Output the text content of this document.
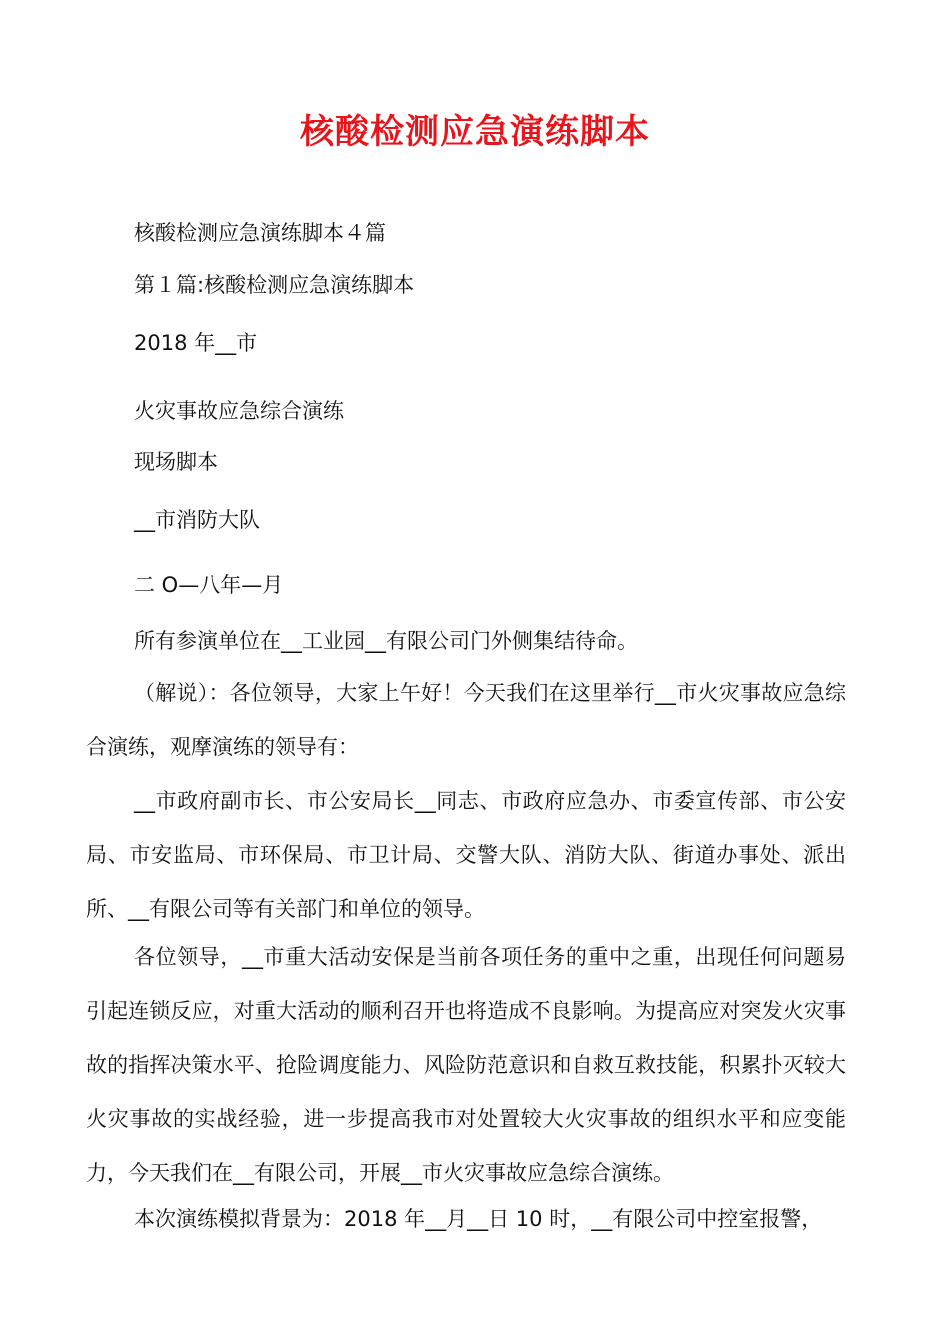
核酸检测应急演练脚本
核酸检测应急演练脚本４篇
第１篇:核酸检测应急演练脚本
2018 年__市
火灾事故应急综合演练
现场脚本
__市消防大队
二 O—八年—月
所有参演单位在__工业园__有限公司门外侧集结待命。
（解说）：各位领导，大家上午好！今天我们在这里举行__市火灾事故应急综合演练，观摩演练的领导有：
__市政府副市长、市公安局长__同志、市政府应急办、市委宣传部、市公安局、市安监局、市环保局、市卫计局、交警大队、消防大队、街道办事处、派出所、__有限公司等有关部门和单位的领导。
各位领导，__市重大活动安保是当前各项任务的重中之重，出现任何问题易引起连锁反应，对重大活动的顺利召开也将造成不良影响。为提高应对突发火灾事故的指挥决策水平、抢险调度能力、风险防范意识和自救互救技能，积累扑灭较大火灾事故的实战经验，进一步提高我市对处置较大火灾事故的组织水平和应变能力，今天我们在__有限公司，开展__市火灾事故应急综合演练。
本次演练模拟背景为：2018 年__月__日 10 时，__有限公司中控室报警，
